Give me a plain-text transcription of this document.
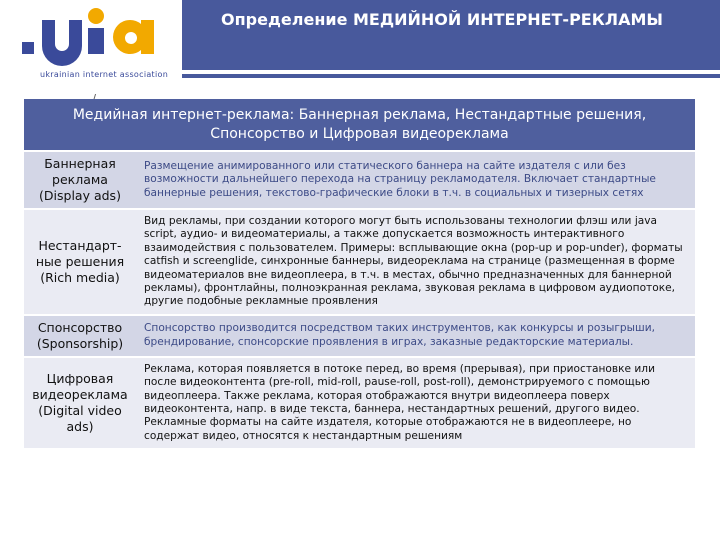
ukrainian internet association
Определение МЕДИЙНОЙ ИНТЕРНЕТ-РЕКЛАМЫ
Медийная интернет-реклама: Баннерная реклама, Нестандартные решения, Спонсорство и Цифровая видеореклама	
Баннерная реклама (Display ads)	Размещение анимированного или статического баннера на сайте издателя с или без возможности дальнейшего перехода на страницу рекламодателя. Включает стандартные баннерные решения, текстово-графические блоки в т.ч. в социальных и тизерных сетях
Нестандарт-ные решения (Rich media)	Вид рекламы, при создании которого могут быть использованы технологии флэш или java script, аудио- и видеоматериалы, а также допускается возможность интерактивного взаимодействия с пользователем. Примеры: всплывающие окна (pop-up и pop-under), форматы catfish и screenglide, синхронные баннеры, видеореклама на странице (размещенная в форме видеоматериалов вне видеоплеера, в т.ч. в местах, обычно предназначенных для баннерной рекламы), фронтлайны, полноэкранная реклама, звуковая реклама в цифровом аудиопотоке, другие подобные рекламные проявления
Спонсорство (Sponsorship)	Спонсорство производится посредством таких инструментов, как конкурсы и розыгрыши, брендирование, спонсорские проявления в играх, заказные редакторские материалы.
Цифровая видеореклама (Digital video ads)	Реклама, которая появляется в потоке перед, во время (прерывая), при приостановке или после видеоконтента (pre-roll, mid-roll, pause-roll, post-roll), демонстрируемого с помощью видеоплеера. Также реклама, которая отображаются внутри видеоплеера поверх видеоконтента, напр. в виде текста, баннера, нестандартных решений, другого видео. Рекламные форматы на сайте издателя, которые отображаются не в видеоплеере, но содержат видео, относятся к нестандартным решениям
